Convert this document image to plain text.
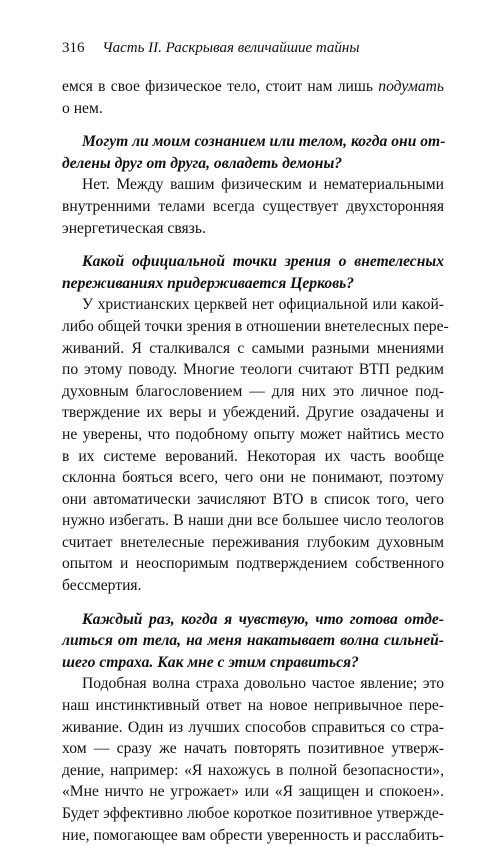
316 Часть II. Раскрывая величайшие тайны
емся в свое физическое тело, стоит нам лишь подумать
о нем.
Могут ли моим сознанием или телом, когда они от-
делены друг от друга, овладеть демоны?
Нет. Между вашим физическим и нематериальными
внутренними телами всегда существует двухсторонняя
энергетическая связь.
Какой официальной точки зрения о внетелесных
переживаниях придерживается Церковь?
У христианских церквей нет официальной или какой-
либо общей точки зрения в отношении внетелесных пере-
живаний. Я сталкивался с самыми разными мнениями
по этому поводу. Многие теологи считают ВТП редким
духовным благословением — для них это личное под-
тверждение их веры и убеждений. Другие озадачены и
не уверены, что подобному опыту может найтись место
в их системе верований. Некоторая их часть вообще
склонна бояться всего, чего они не понимают, поэтому
они автоматически зачисляют ВТО в список того, чего
нужно избегать. В наши дни все большее число теологов
считает внетелесные переживания глубоким духовным
опытом и неоспоримым подтверждением собственного
бессмертия.
Каждый раз, когда я чувствую, что готова отде-
литься от тела, на меня накатывает волна сильней-
шего страха. Как мне с этим справиться?
Подобная волна страха довольно частое явление; это
наш инстинктивный ответ на новое непривычное пере-
живание. Один из лучших способов справиться со стра-
хом — сразу же начать повторять позитивное утверж-
дение, например: «Я нахожусь в полной безопасности»,
«Мне ничто не угрожает» или «Я защищен и спокоен».
Будет эффективно любое короткое позитивное утвержде-
ние, помогающее вам обрести уверенность и расслабить-
